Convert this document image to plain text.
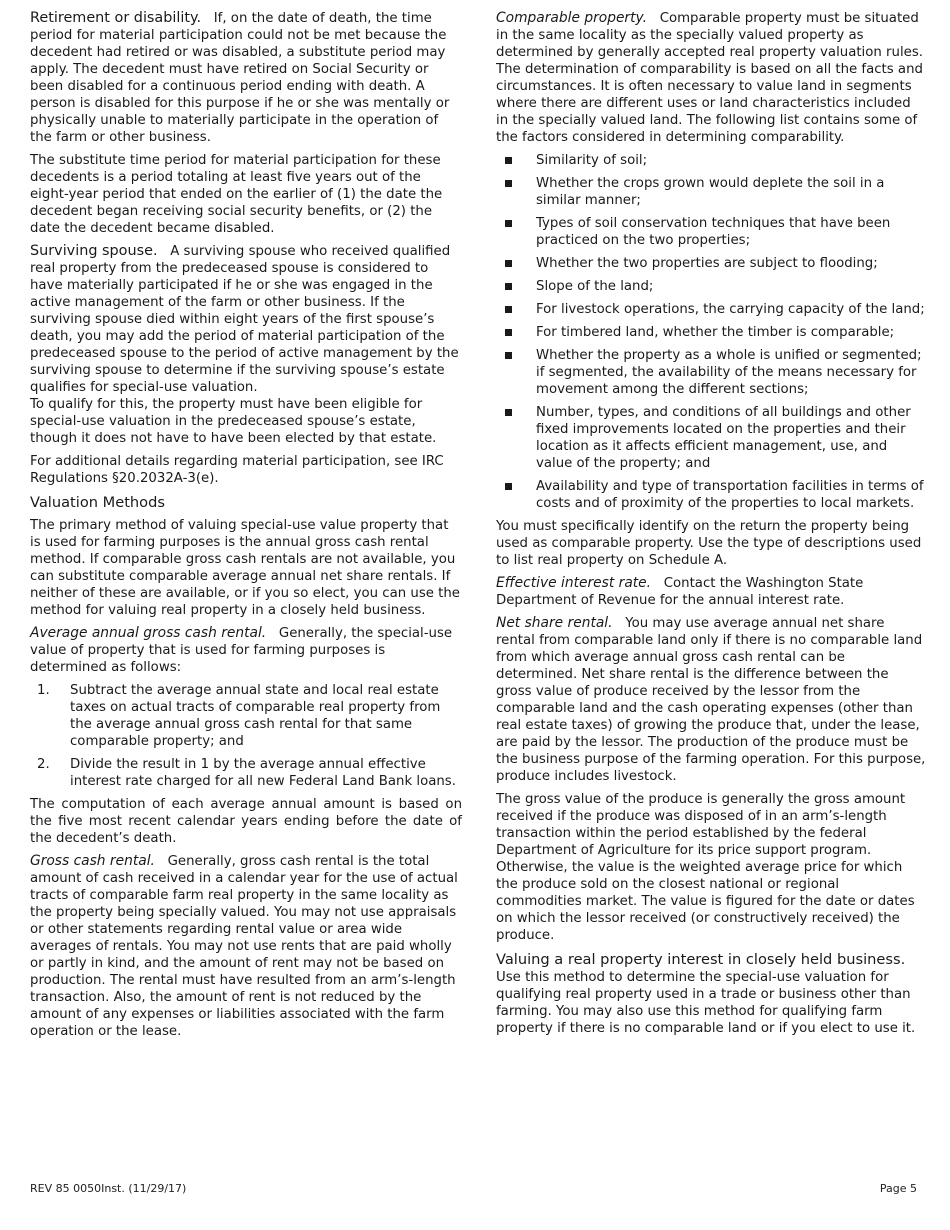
Retirement or disability. If, on the date of death, the time period for material participation could not be met because the decedent had retired or was disabled, a substitute period may apply. The decedent must have retired on Social Security or been disabled for a continuous period ending with death. A person is disabled for this purpose if he or she was mentally or physically unable to materially participate in the operation of the farm or other business.

The substitute time period for material participation for these decedents is a period totaling at least five years out of the eight-year period that ended on the earlier of (1) the date the decedent began receiving social security benefits, or (2) the date the decedent became disabled.

Surviving spouse. A surviving spouse who received qualified real property from the predeceased spouse is considered to have materially participated if he or she was engaged in the active management of the farm or other business. If the surviving spouse died within eight years of the first spouse’s death, you may add the period of material participation of the predeceased spouse to the period of active management by the surviving spouse to determine if the surviving spouse’s estate qualifies for special-use valuation.

To qualify for this, the property must have been eligible for special-use valuation in the predeceased spouse’s estate, though it does not have to have been elected by that estate.

For additional details regarding material participation, see IRC Regulations §20.2032A-3(e).

Valuation Methods

The primary method of valuing special-use value property that is used for farming purposes is the annual gross cash rental method. If comparable gross cash rentals are not available, you can substitute comparable average annual net share rentals. If neither of these are available, or if you so elect, you can use the method for valuing real property in a closely held business.

Average annual gross cash rental. Generally, the special-use value of property that is used for farming purposes is determined as follows:

1. Subtract the average annual state and local real estate taxes on actual tracts of comparable real property from the average annual gross cash rental for that same comparable property; and
2. Divide the result in 1 by the average annual effective interest rate charged for all new Federal Land Bank loans.

The computation of each average annual amount is based on the five most recent calendar years ending before the date of the decedent’s death.

Gross cash rental. Generally, gross cash rental is the total amount of cash received in a calendar year for the use of actual tracts of comparable farm real property in the same locality as the property being specially valued. You may not use appraisals or other statements regarding rental value or area wide averages of rentals. You may not use rents that are paid wholly or partly in kind, and the amount of rent may not be based on production. The rental must have resulted from an arm’s-length transaction. Also, the amount of rent is not reduced by the amount of any expenses or liabilities associated with the farm operation or the lease.

Comparable property. Comparable property must be situated in the same locality as the specially valued property as determined by generally accepted real property valuation rules. The determination of comparability is based on all the facts and circumstances. It is often necessary to value land in segments where there are different uses or land characteristics included in the specially valued land. The following list contains some of the factors considered in determining comparability.

Similarity of soil;
Whether the crops grown would deplete the soil in a similar manner;
Types of soil conservation techniques that have been practiced on the two properties;
Whether the two properties are subject to flooding;
Slope of the land;
For livestock operations, the carrying capacity of the land;
For timbered land, whether the timber is comparable;
Whether the property as a whole is unified or segmented; if segmented, the availability of the means necessary for movement among the different sections;
Number, types, and conditions of all buildings and other fixed improvements located on the properties and their location as it affects efficient management, use, and value of the property; and
Availability and type of transportation facilities in terms of costs and of proximity of the properties to local markets.

You must specifically identify on the return the property being used as comparable property. Use the type of descriptions used to list real property on Schedule A.

Effective interest rate. Contact the Washington State Department of Revenue for the annual interest rate.

Net share rental. You may use average annual net share rental from comparable land only if there is no comparable land from which average annual gross cash rental can be determined. Net share rental is the difference between the gross value of produce received by the lessor from the comparable land and the cash operating expenses (other than real estate taxes) of growing the produce that, under the lease, are paid by the lessor. The production of the produce must be the business purpose of the farming operation. For this purpose, produce includes livestock.

The gross value of the produce is generally the gross amount received if the produce was disposed of in an arm’s-length transaction within the period established by the federal Department of Agriculture for its price support program. Otherwise, the value is the weighted average price for which the produce sold on the closest national or regional commodities market. The value is figured for the date or dates on which the lessor received (or constructively received) the produce.

Valuing a real property interest in closely held business.

Use this method to determine the special-use valuation for qualifying real property used in a trade or business other than farming. You may also use this method for qualifying farm property if there is no comparable land or if you elect to use it.

REV 85 0050Inst. (11/29/17)	Page 5
